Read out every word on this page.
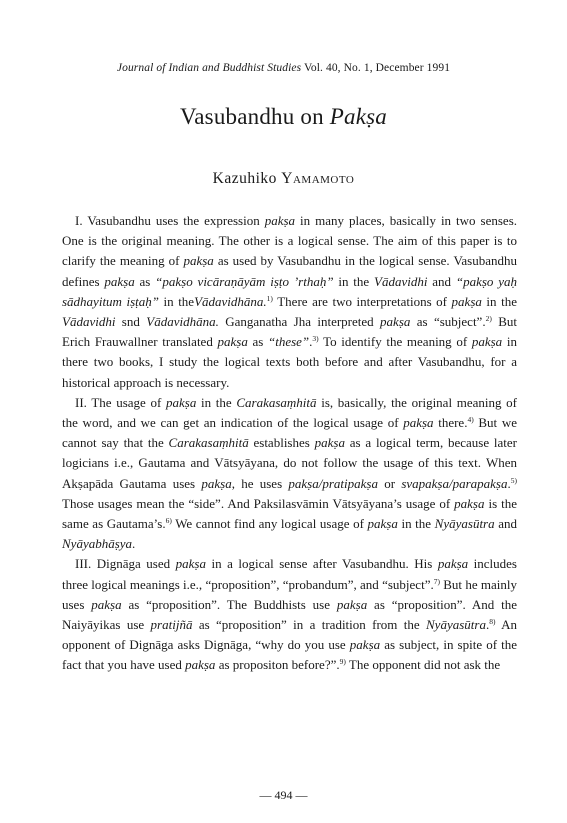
Journal of Indian and Buddhist Studies Vol. 40, No. 1, December 1991
Vasubandhu on Pakṣa
Kazuhiko Yamamoto

I. Vasubandhu uses the expression pakṣa in many places, basically in two senses. One is the original meaning. The other is a logical sense. The aim of this paper is to clarify the meaning of pakṣa as used by Vasubandhu in the logical sense. Vasubandhu defines pakṣa as “pakṣo vicāraṇāyām iṣṭo ’rthaḥ” in the Vādavidhi and “pakṣo yaḥ sādhayitum iṣṭaḥ” in theVādavidhāna.$^{1)}$ There are two interpretations of pakṣa in the Vādavidhi snd Vādavidhāna. Ganganatha Jha interpreted pakṣa as “subject”.$^{2)}$ But Erich Frauwallner translated pakṣa as “these”.$^{3)}$ To identify the meaning of pakṣa in there two books, I study the logical texts both before and after Vasubandhu, for a historical approach is necessary.

II. The usage of pakṣa in the Carakasaṃhitā is, basically, the original meaning of the word, and we can get an indication of the logical usage of pakṣa there.$^{4)}$ But we cannot say that the Carakasaṃhitā establishes pakṣa as a logical term, because later logicians i.e., Gautama and Vātsyāyana, do not follow the usage of this text. When Akṣapāda Gautama uses pakṣa, he uses pakṣa/pratipakṣa or svapakṣa/parapakṣa.$^{5)}$ Those usages mean the “side”. And Paksilasvāmin Vātsyāyana’s usage of pakṣa is the same as Gautama’s.$^{6)}$ We cannot find any logical usage of pakṣa in the Nyāyasūtra and Nyāyabhāṣya.

III. Dignāga used pakṣa in a logical sense after Vasubandhu. His pakṣa includes three logical meanings i.e., “proposition”, “probandum”, and “subject”.$^{7)}$ But he mainly uses pakṣa as “proposition”. The Buddhists use pakṣa as “proposition”. And the Naiyāyikas use pratijñā as “proposition” in a tradition from the Nyāyasūtra.$^{8)}$ An opponent of Dignāga asks Dignāga, “why do you use pakṣa as subject, in spite of the fact that you have used pakṣa as propositon before?”.$^{9)}$ The opponent did not ask the

— 494 —
